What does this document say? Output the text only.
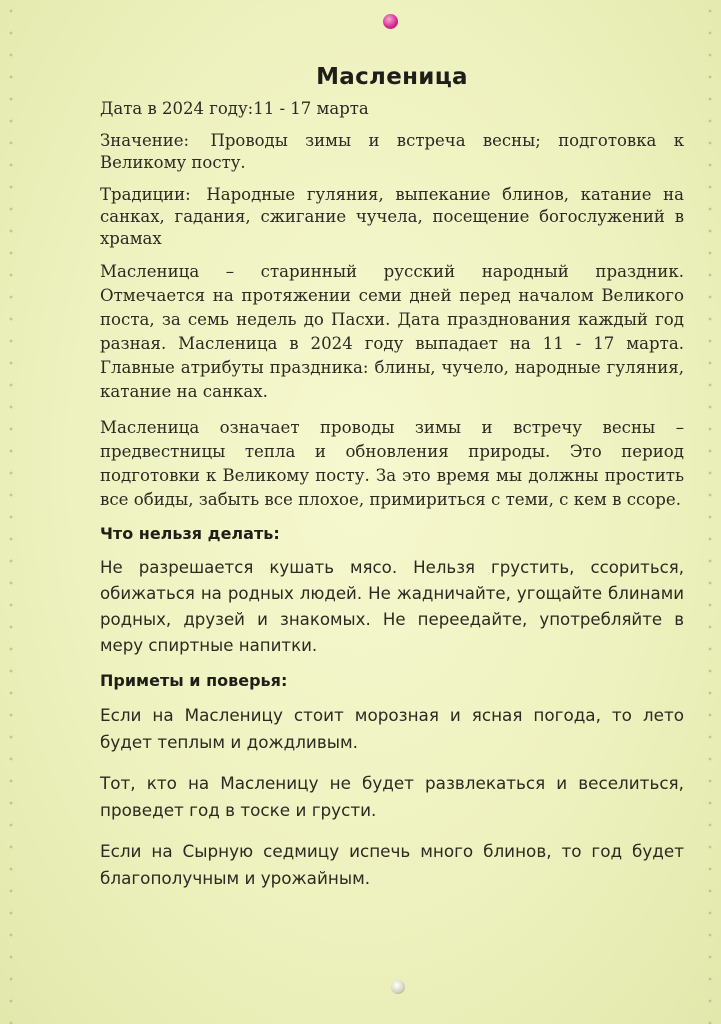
Масленица
Дата в 2024 году:11 - 17 марта
Значение: Проводы зимы и встреча весны; подготовка к Великому посту.
Традиции: Народные гуляния, выпекание блинов, катание на санках, гадания, сжигание чучела, посещение богослужений в храмах

Масленица – старинный русский народный праздник. Отмечается на протяжении семи дней перед началом Великого поста, за семь недель до Пасхи. Дата празднования каждый год разная. Масленица в 2024 году выпадает на 11 - 17 марта. Главные атрибуты праздника: блины, чучело, народные гуляния, катание на санках.

Масленица означает проводы зимы и встречу весны – предвестницы тепла и обновления природы. Это период подготовки к Великому посту. За это время мы должны простить все обиды, забыть все плохое, примириться с теми, с кем в ссоре.

Что нельзя делать:

Не разрешается кушать мясо. Нельзя грустить, ссориться, обижаться на родных людей. Не жадничайте, угощайте блинами родных, друзей и знакомых. Не переедайте, употребляйте в меру спиртные напитки.

Приметы и поверья:

Если на Масленицу стоит морозная и ясная погода, то лето будет теплым и дождливым.

Тот, кто на Масленицу не будет развлекаться и веселиться, проведет год в тоске и грусти.

Если на Сырную седмицу испечь много блинов, то год будет благополучным и урожайным.
